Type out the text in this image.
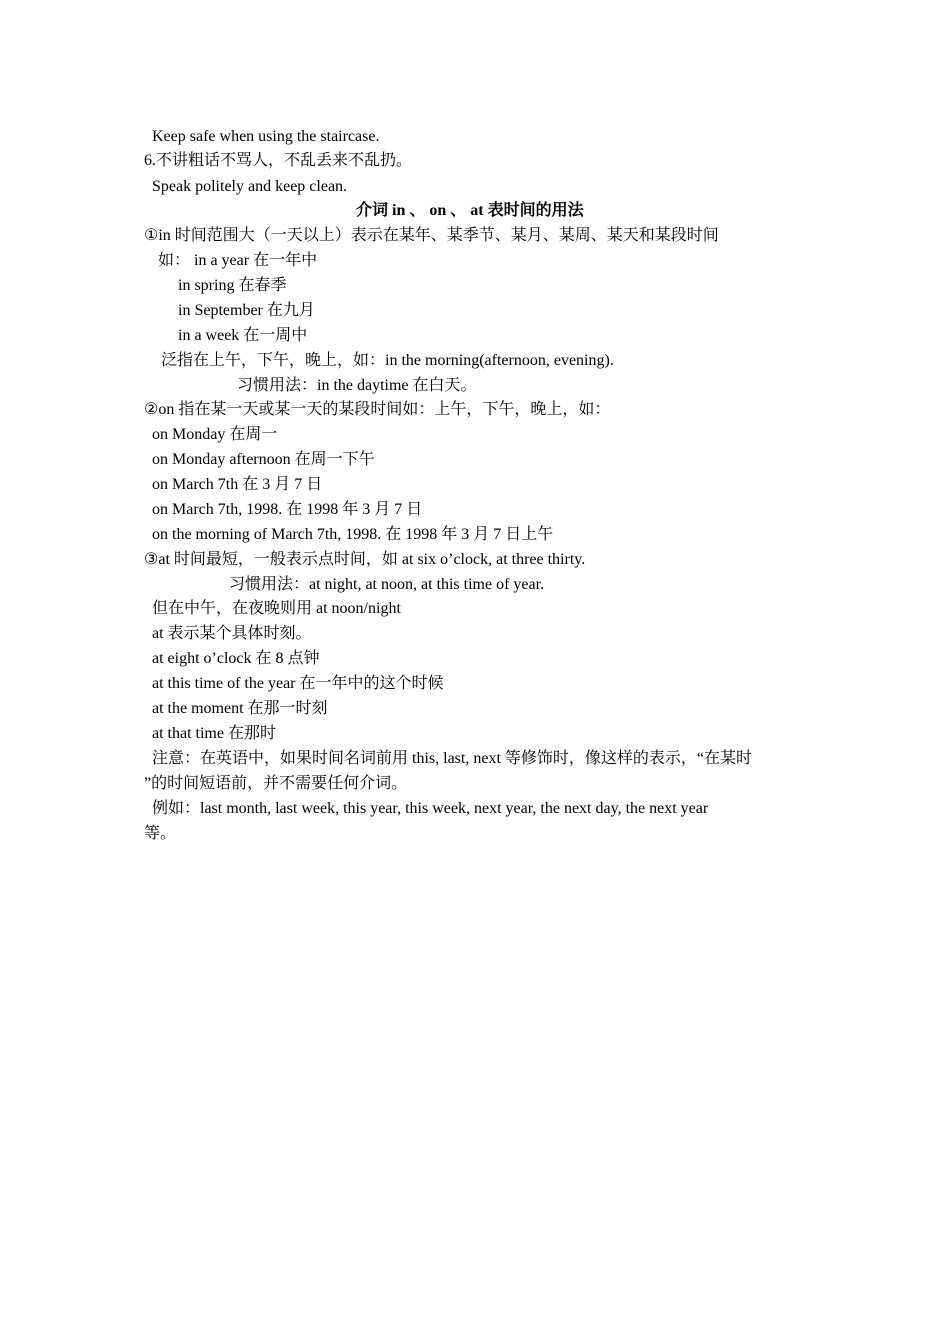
Keep safe when using the staircase.
6.不讲粗话不骂人，不乱丢来不乱扔。
Speak politely and keep clean.
介词 in 、 on 、 at 表时间的用法
①in 时间范围大（一天以上）表示在某年、某季节、某月、某周、某天和某段时间
如： in a year 在一年中
in spring 在春季
in September 在九月
in a week 在一周中
泛指在上午，下午，晚上，如：in the morning(afternoon, evening).
习惯用法：in the daytime 在白天。
②on 指在某一天或某一天的某段时间如：上午，下午，晚上，如：
on Monday 在周一
on Monday afternoon 在周一下午
on March 7th 在 3 月 7 日
on March 7th, 1998. 在 1998 年 3 月 7 日
on the morning of March 7th, 1998. 在 1998 年 3 月 7 日上午
③at 时间最短，一般表示点时间，如 at six o’clock, at three thirty.
习惯用法：at night, at noon, at this time of year.
但在中午，在夜晚则用 at noon/night
at 表示某个具体时刻。
at eight o’clock 在 8 点钟
at this time of the year 在一年中的这个时候
at the moment 在那一时刻
at that time 在那时
注意：在英语中，如果时间名词前用 this, last, next 等修饰时，像这样的表示，“在某时
”的时间短语前，并不需要任何介词。
例如：last month, last week, this year, this week, next year, the next day, the next year
等。
